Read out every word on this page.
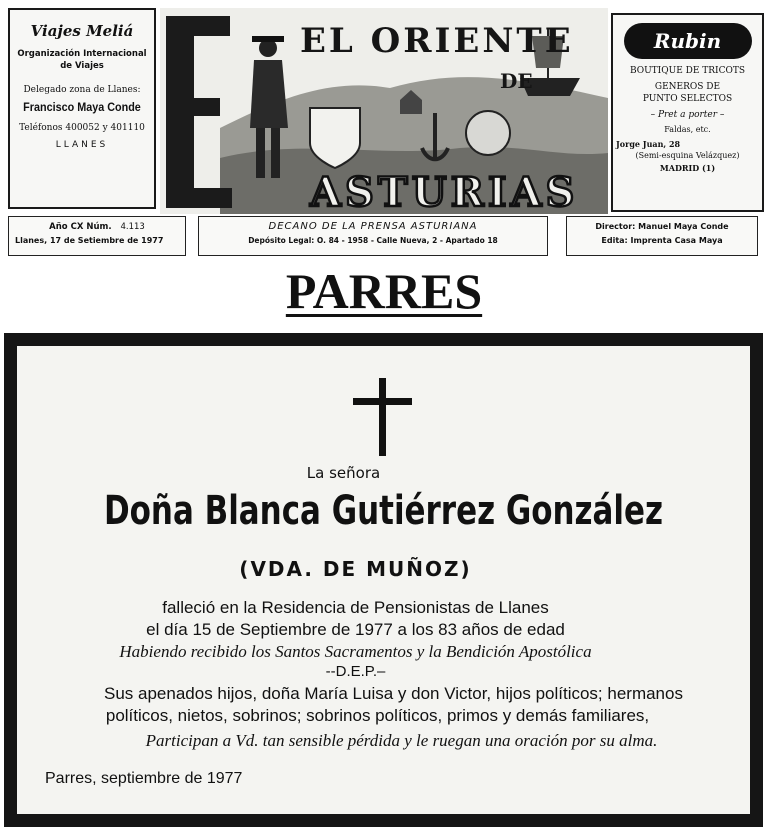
Viajes Meliá
Organización Internacional
de Viajes
Delegado zona de Llanes:
Francisco Maya Conde
Teléfonos 400052 y 401110
LLANES
EL ORIENTE
DE
ASTURIAS
Rubin
BOUTIQUE DE TRICOTS
GENEROS DE
PUNTO SELECTOS
– Pret a porter –
Faldas, etc.
Jorge Juan, 28
(Semi-esquina Velázquez)
MADRID (1)
Año CX Núm. 4.113
Llanes, 17 de Setiembre de 1977
DECANO DE LA PRENSA ASTURIANA
Depósito Legal: O. 84 - 1958 - Calle Nueva, 2 - Apartado 18
Director: Manuel Maya Conde
Edita: Imprenta Casa Maya
PARRES
La señora
Doña Blanca Gutiérrez González
(VDA. DE MUÑOZ)
falleció en la Residencia de Pensionistas de Llanes
el día 15 de Septiembre de 1977 a los 83 años de edad
Habiendo recibido los Santos Sacramentos y la Bendición Apostólica
--D.E.P.–
Sus apenados hijos, doña María Luisa y don Victor, hijos políticos; hermanos
políticos, nietos, sobrinos; sobrinos políticos, primos y demás familiares,
Participan a Vd. tan sensible pérdida y le ruegan una oración por su alma.
Parres, septiembre de 1977
